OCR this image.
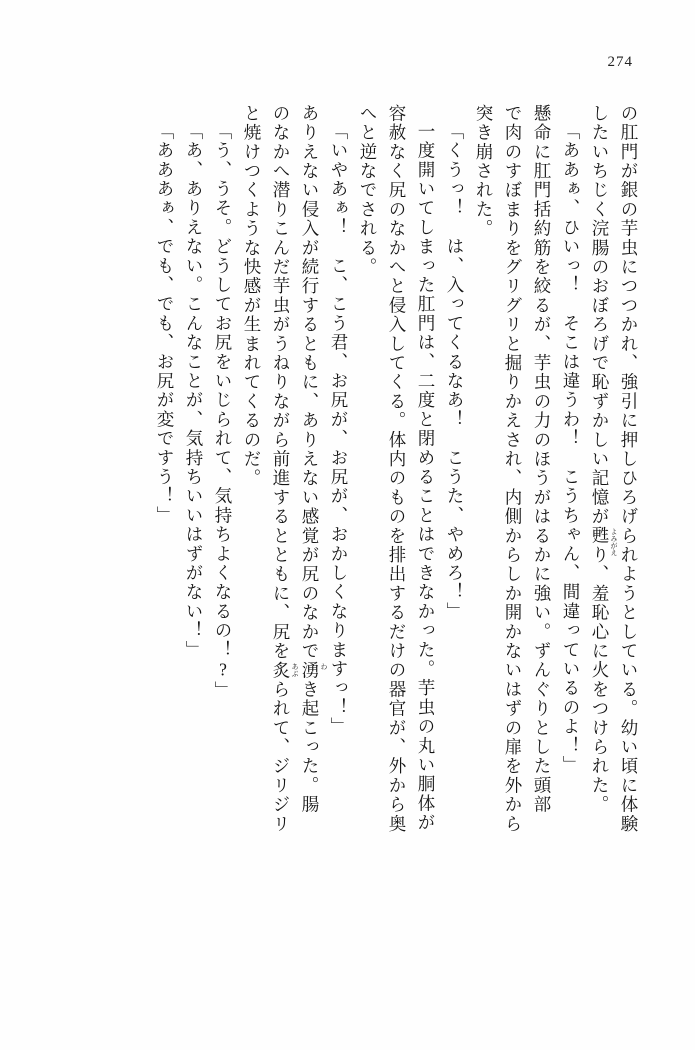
274
の肛門が銀の芋虫につつかれ、強引に押しひろげられようとしている。幼い頃に体験
したいちじく浣腸のおぼろげで恥ずかしい記憶が甦 よみがえ
り、羞恥心に火をつけられた。
「ああぁ、ひいっ！　そこは違うわ！　こうちゃん、間違っているのよ！」
懸命に肛門括約筋を絞るが、芋虫の力のほうがはるかに強い。ずんぐりとした頭部
で肉のすぼまりをグリグリと掘りかえされ、内側からしか開かないはずの扉を外から
突き崩された。
「くうっ！　は、入ってくるなあ！　こうた、やめろ！」
一度開いてしまった肛門は、二度と閉めることはできなかった。芋虫の丸い胴体が
容赦なく尻のなかへと侵入してくる。体内のものを排出するだけの器官が、外から奥
へと逆なでされる。
「いやあぁ！　こ、こう君、お尻が、お尻が、おかしくなりますっ！」
ありえない侵入が続行するともに、ありえない感覚が尻のなかで湧 わ
き起こった。腸
のなかへ潜りこんだ芋虫がうねりながら前進するとともに、尻を炙 あぶ
られて、ジリジリ
と焼けつくような快感が生まれてくるのだ。
「う、うそ。どうしてお尻をいじられて、気持ちよくなるの！?」
「あ、ありえない。こんなことが、気持ちいいはずがない！」
「あああぁ、でも、でも、お尻が変ですう！」
